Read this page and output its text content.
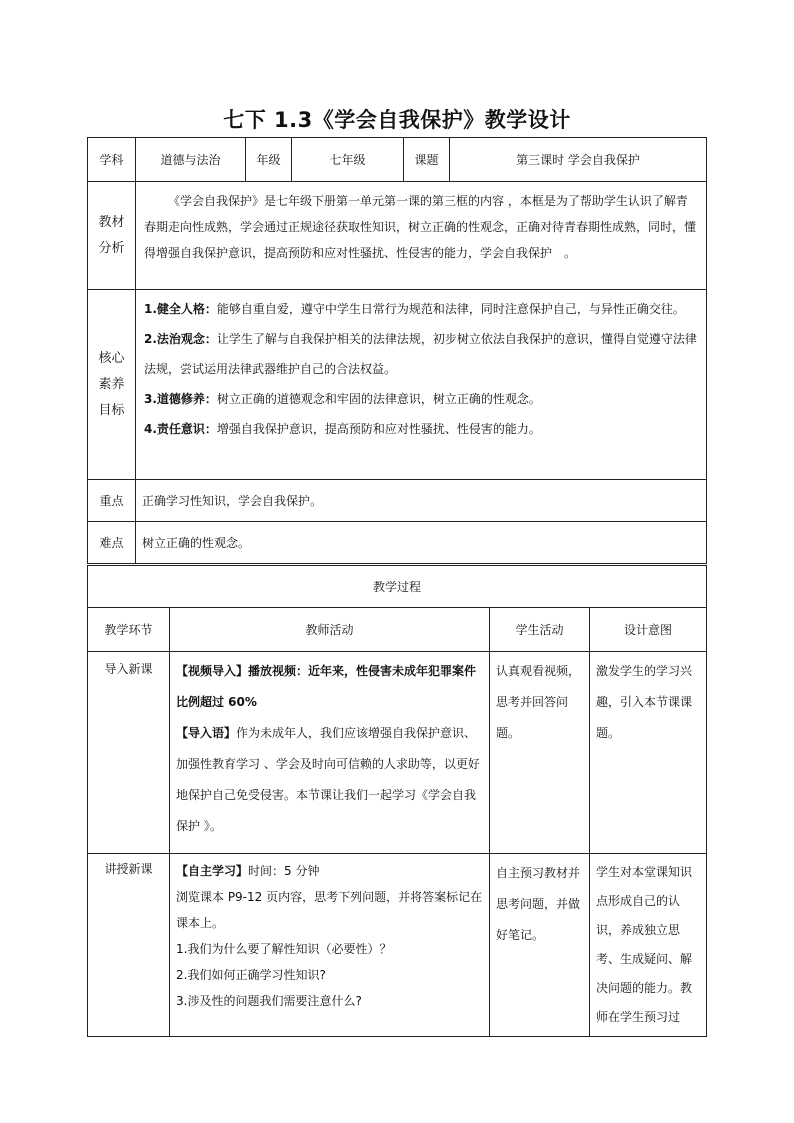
七下 1.3《学会自我保护》教学设计
学科	道德与法治	年级	七年级	课题	第三课时 学会自我保护
教材分析	《学会自我保护》是七年级下册第一单元第一课的第三框的内容 ，本框是为了帮助学生认识了解青春期走向性成熟，学会通过正规途径获取性知识，树立正确的性观念，正确对待青春期性成熟，同时，懂得增强自我保护意识，提高预防和应对性骚扰、性侵害的能力，学会自我保护　。				
核心素养目标	1.健全人格：能够自重自爱，遵守中学生日常行为规范和法律，同时注意保护自己，与异性正确交往。
2.法治观念：让学生了解与自我保护相关的法律法规，初步树立依法自我保护的意识，懂得自觉遵守法律法规，尝试运用法律武器维护自己的合法权益。
3.道德修养：树立正确的道德观念和牢固的法律意识，树立正确的性观念。
4.责任意识：增强自我保护意识，提高预防和应对性骚扰、性侵害的能力。				

重点	正确学习性知识，学会自我保护。				
难点	树立正确的性观念。				
教学过程			
教学环节	教师活动	学生活动	设计意图
导入新课	【视频导入】播放视频：近年来，性侵害未成年犯罪案件比例超过 60%
【导入语】作为未成年人，我们应该增强自我保护意识、加强性教育学习 、学会及时向可信赖的人求助等，以更好地保护自己免受侵害。本节课让我们一起学习《学会自我保护 》。	认真观看视频，思考并回答问题。	激发学生的学习兴趣，引入本节课课题。
讲授新课	【自主学习】时间：5 分钟
浏览课本 P9-12 页内容，思考下列问题，并将答案标记在课本上。
1.我们为什么要了解性知识（必要性）？
2.我们如何正确学习性知识?
3.涉及性的问题我们需要注意什么?	自主预习教材并思考问题，并做好笔记。	学生对本堂课知识点形成自己的认识，养成独立思考、生成疑问、解决问题的能力。教师在学生预习过
